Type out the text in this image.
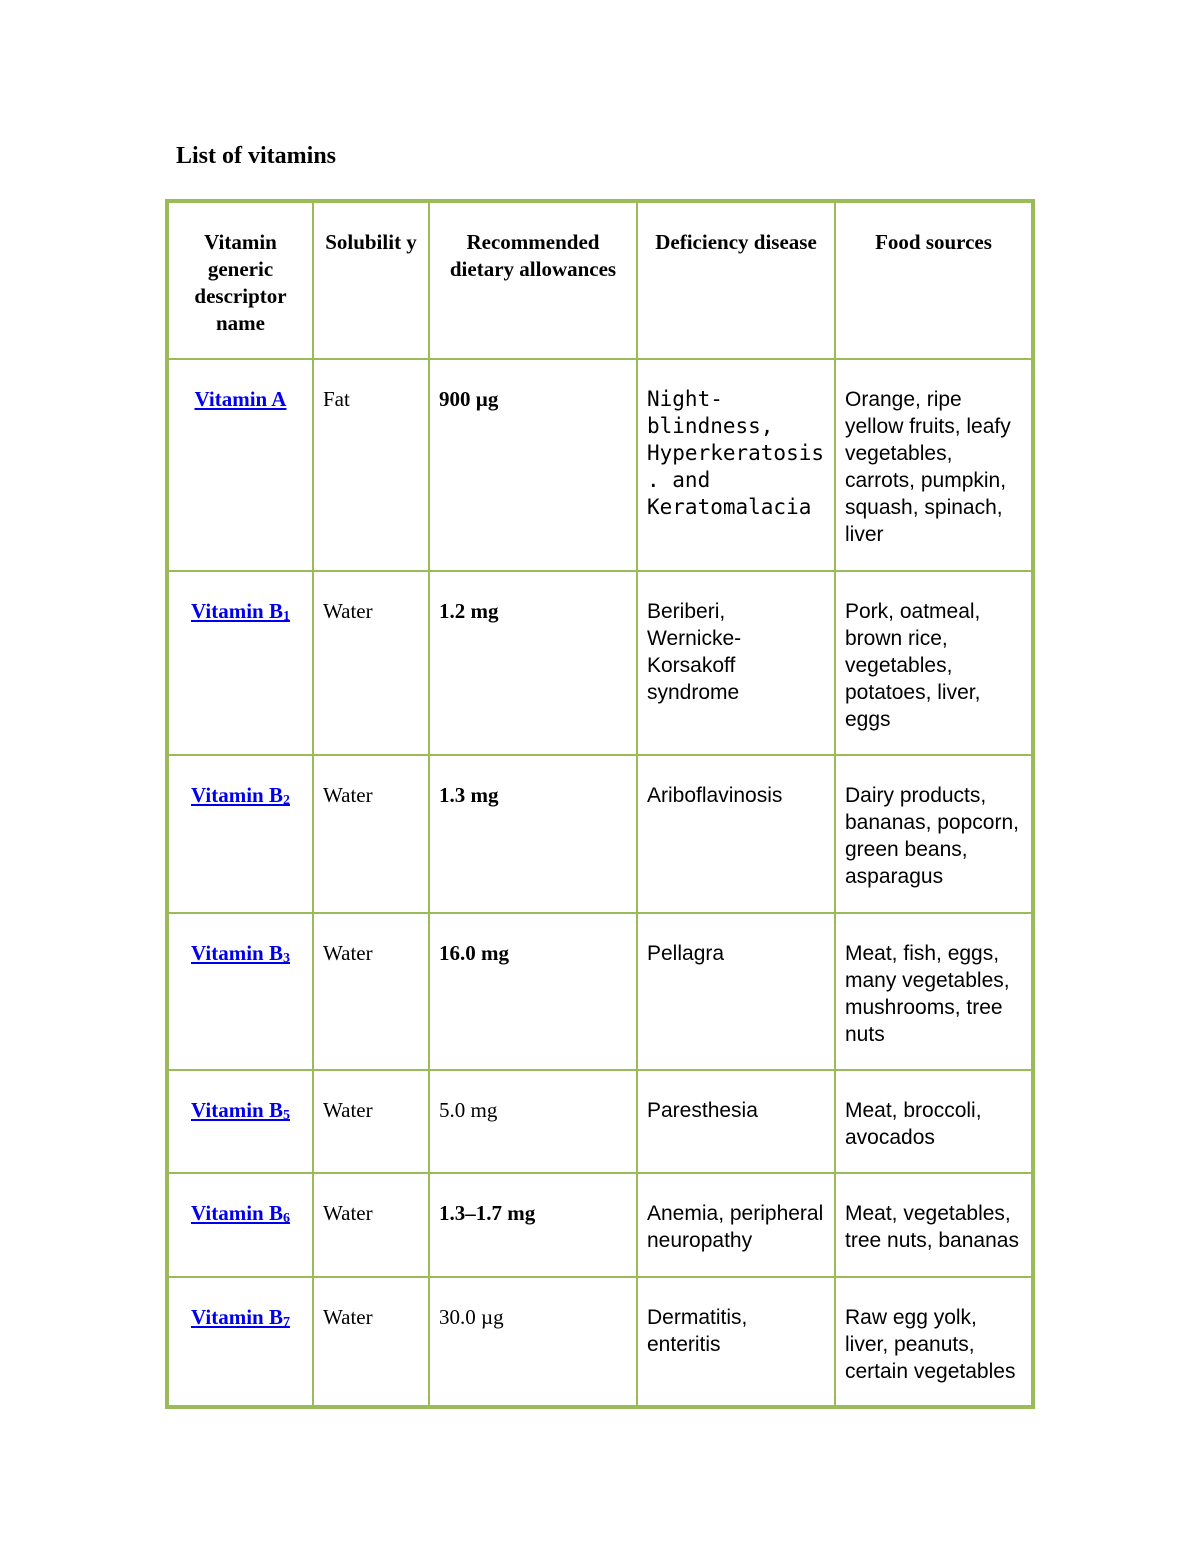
List of vitamins
Vitamin generic descriptor name	Solubilit y	Recommended dietary allowances	Deficiency disease	Food sources
Vitamin A	Fat	900 µg	Night-blindness, Hyperkeratosis. and Keratomalacia	Orange, ripe yellow fruits, leafy vegetables, carrots, pumpkin, squash, spinach, liver
Vitamin B1	Water	1.2 mg	Beriberi, Wernicke-Korsakoff syndrome	Pork, oatmeal, brown rice, vegetables, potatoes, liver, eggs
Vitamin B2	Water	1.3 mg	Ariboflavinosis	Dairy products, bananas, popcorn, green beans, asparagus
Vitamin B3	Water	16.0 mg	Pellagra	Meat, fish, eggs, many vegetables, mushrooms, tree nuts
Vitamin B5	Water	5.0 mg	Paresthesia	Meat, broccoli, avocados
Vitamin B6	Water	1.3–1.7 mg	Anemia, peripheral neuropathy	Meat, vegetables, tree nuts, bananas
Vitamin B7	Water	30.0 µg	Dermatitis, enteritis	Raw egg yolk, liver, peanuts, certain vegetables
